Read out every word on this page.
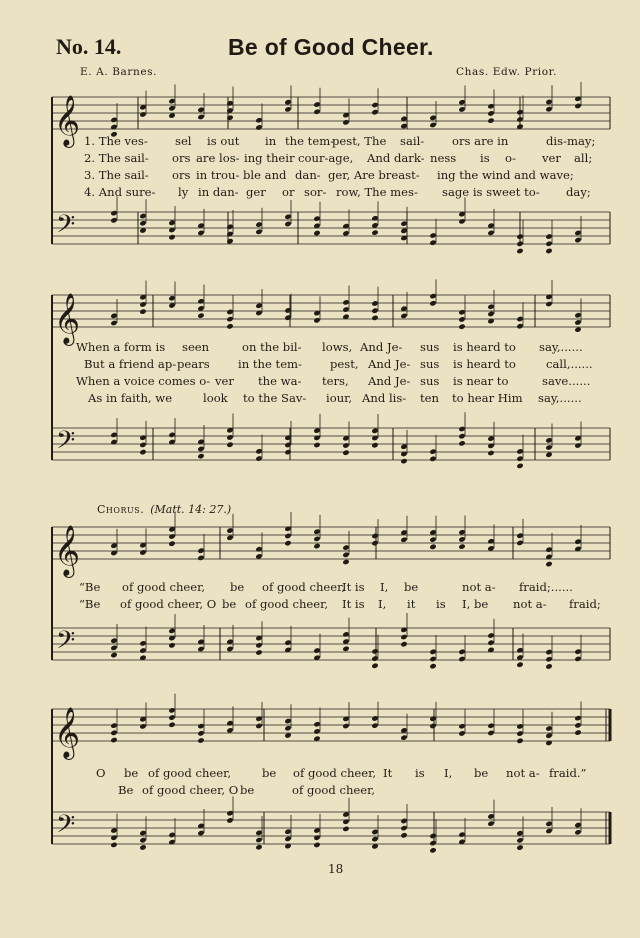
No. 14.	Be of Good Cheer.
E. A. Barnes.	Chas. Edw. Prior.
𝄞
𝄢
𝄞
𝄢
𝄞
𝄢
𝄞
𝄢
1. The ves- sel is out in the tem-
pest, The sail- ors are in	dis-may;
2. The sail- ors are los- ing their cour-age, And dark- ness is o- ver all;
3. The sail- ors in trou- ble and dan- ger, Are breast- ing the wind and wave;
4. And sure- ly in dan- ger or sor- row, The mes- sage is sweet to- day;
When a form is seen	on the bil- lows, And Je- sus is heard to say,......
But a friend ap- pears in the tem- pest, And Je- sus is heard to	call,......
When a voice comes o- ver the wa- ters, And Je- sus is near to	save......
As in faith, we	look to the Sav- iour, And lis- ten to hear Him say,......
Chorus. (Matt. 14: 27.)
“Be of good cheer, be of good cheer,
It is I, be	not a- fraid;......
“Be of good cheer, O be of good cheer, It is I, it is I, be not a- fraid;
O be of good cheer,	be of good cheer, It is I, be not a- fraid.”
Be of good cheer, O be	of good cheer,
18
